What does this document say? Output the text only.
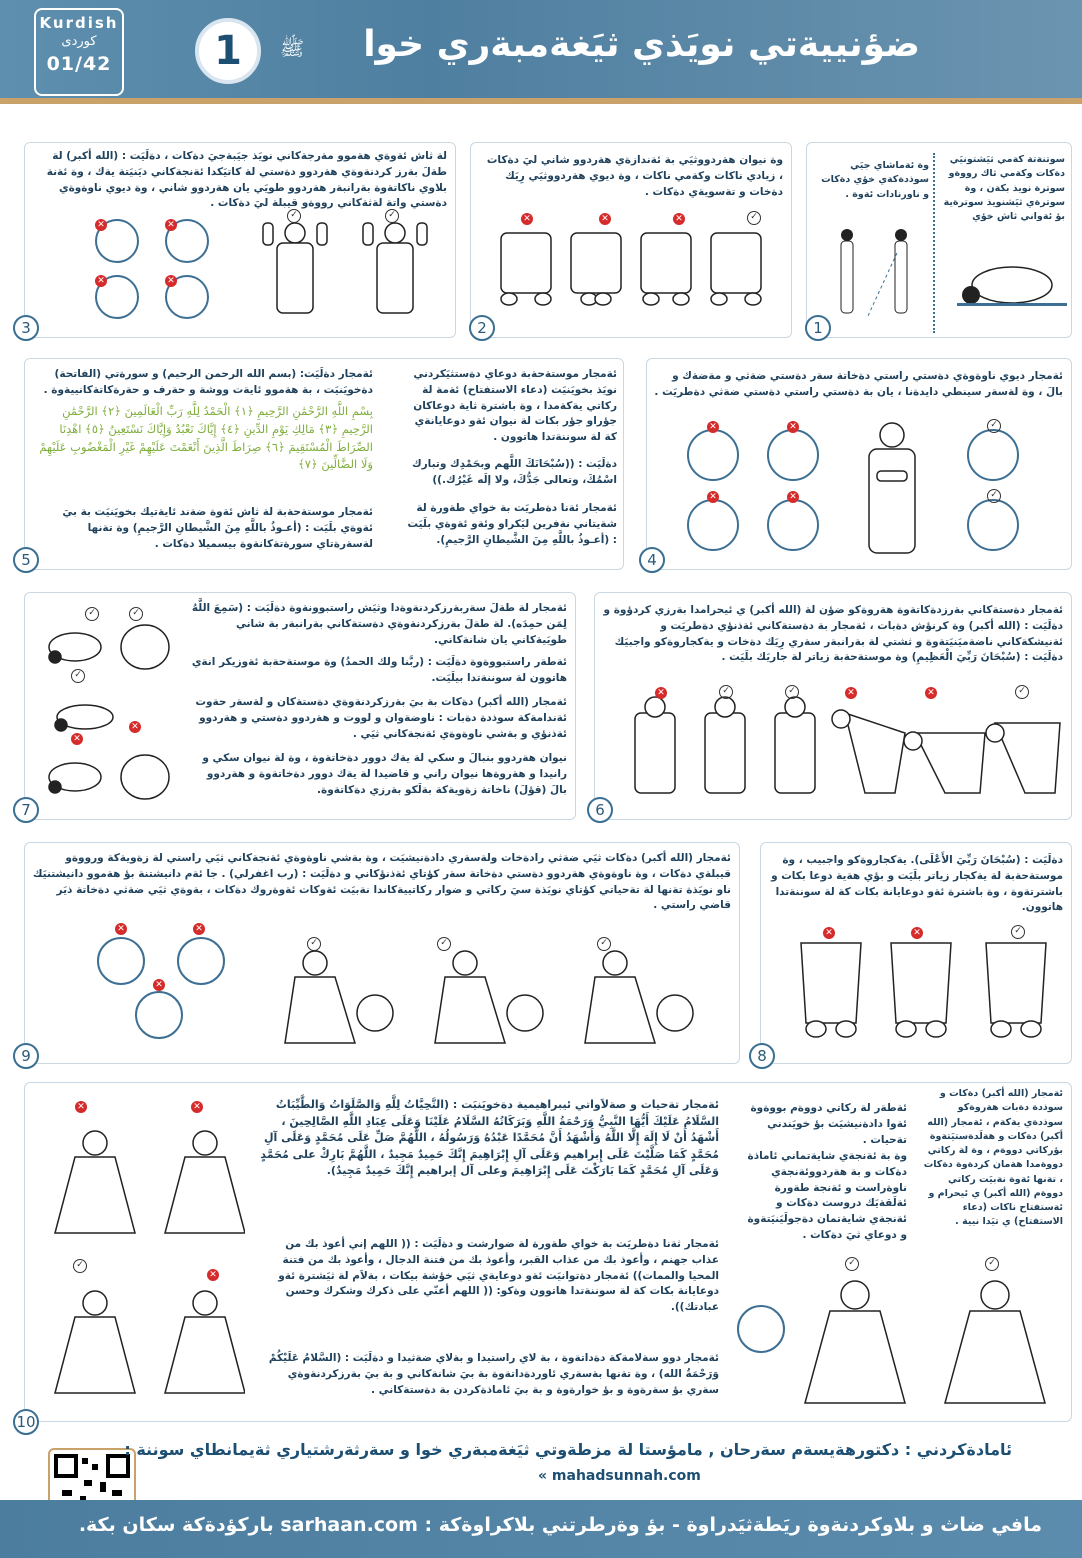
Kurdish
كوردی
01/42	1	ﷺ	ضؤنييةتي نويَذي ثيَغةمبةري خوا
سوتنةتة كةمي ثيَشتونيَي دةكات وكةمي ثاك رووةو سوترة نويذ بكةن ، وة سوترةي ثيَشنويذ سوترةية بؤ ئةواني ثاش خؤي
وة ئةماشاي جيَي سوذدةكةي خؤي دةكات و ناورنادات ئةوة .
1
وة نيوان هةردووثيَي بة ئةندازةي هةردوو شاني ليَ دةكات ، زيادي ناكات وكةمي ناكات ، وة ديوي هةردووثيَي رِيَك دةخات و تةسويةي دةكات .
✕	✕	✕	✓
2
لة ثاش ئةوةي هةموو مةرجةكاني نويَذ جيَبةجيَ دةكات ، دةلَيَت : (الله أكبر) لة طةلَ بةرز كردنةوةي هةردوو دةستي لة كاتيَكدا ئةنجةكاني ديَنيَتة يةك ، وة ئةنة بلاوي ناكاتةوة بةرانبةر هةردوو طويَي يان هةردوو شاني ، وة ديوي ناوةوةي دةستي واتة لةثةكاني رووةو قيبلة ليَ دةكات .
✕	✕
✕	✕
✓	✓
3
ئةمجار ديوي ناوةوةي دةستي راستي دةخاتة سةر دةستي ضةثي و مةضةك و بالَ ، وة لةسةر سينطي دايدةنا ، يان بة دةستي راستي دةستي ضةثي دةطريَت .
✓
✓
✕
✕
✕
✕
4
ئةمجار موستةحةبة دوعاي دةستثيَكردني نويَذ بخويَنيَت (دعاء الاستفتاح) ئةمة لة ركاتي يةكةمدا ، وة باشترة ثاية دوعاكان جؤراو جؤر بكات لة نيوان ئةو دوعايانةي كة لة سوننةتدا هاتوون .
دةلَيَت : ((سُبْحَانَكَ اللَّهم وبحَمْدِك وتبارك اسْمُكَ، وتعالى جَدُّكَ، ولا إلَه غَيْرُك.))
ئةمجار ئةنا دةطريَت بة خواي طةورة لة شةيتاني نةفرين ليَكراو وئةو ئةوةي بلَيَت : (أعـوذُ باللَّهِ مِنَ الشَّيطانِ الرَّجيمِ).
ئةمجار دةلَيَت: (بسم الله الرحمن الرحيم) و سورةتي (الفاتحة) دةخويَنيَت ، بة هةموو ئايةت ووشة و حةرف و حةرةكاتةكانييةوة .
بِسْمِ اللَّهِ الرَّحْمَٰنِ الرَّحِيمِ ﴿١﴾ الْحَمْدُ لِلَّهِ رَبِّ الْعَالَمِينَ ﴿٢﴾ الرَّحْمَٰنِ الرَّحِيمِ ﴿٣﴾ مَالِكِ يَوْمِ الدِّينِ ﴿٤﴾ إِيَّاكَ نَعْبُدُ وَإِيَّاكَ نَسْتَعِينُ ﴿٥﴾ اهْدِنَا الصِّرَاطَ الْمُسْتَقِيمَ ﴿٦﴾ صِرَاطَ الَّذِينَ أَنْعَمْتَ عَلَيْهِمْ غَيْرِ الْمَغْضُوبِ عَلَيْهِمْ وَلَا الضَّالِّينَ ﴿٧﴾
ئةمجار موستةحةبة لة ثاش ئةوة ضةند ئايةتيك بخويَنيَت بة بيَ ئةوةي بلَيَت : (أعـوذُ باللَّهِ مِنَ الشَّيطانِ الرَّجيمِ) وة تةنها لةسةرةتاي سورةتةكانةوة بيسميلا دةكات .
5
ئةمجار دةستةكاني بةرزدةكاتةوة هةروةكو ضؤن لة (الله أكبر) ي ئيحرامدا بةرزي كردؤوة و دةلَيَت : (الله أكبر) وة كرنؤش دةبات ، ئةمجار بة دةستةكاني ئةذنؤي دةطريَت و ئةنيشكةكاني ناضةميَنيَتةوة و ثشتي لة بةرانبةر سةري رِيَك دةخات و يةكجاروةكو واجبيَك دةلَيَت : (سُبْحَانَ رَبِّيَ الْعَظِيمِ) وة موستةحةبة زياتر لة جاريَك بلَيَت .
✕	✓	✓	✕	✕	✓
6
ئةمجار لة طةلَ سةربةرزكردنةوةدا وثيَش راستبوونةوة دةلَيَت : (سَمِعَ اللَّهُ لِمَن حمِدَه). لة طةلَ بةرزكردنةوةي دةستةكاني بةرانبةر بة شاني طويَيةكاني يان شانةكاني.
ئةطةر راستبووةوة دةلَيَت : (ربَّنا ولك الحمدُ) وة موستةحةبة ئةوزيكر انةي هاتوون لة سوننةتدا بيلَيَت.
ئةمجار (الله أكبر) دةكات بة بيَ بةرزكردنةوةي دةستةكان و لةسةر حةوت ئةندامةكة سوذدة دةبات : ناوضةوان و لووت و هةردوو دةستي و هةردوو ئةذنؤي و بةشي ناوةوةي ئةنجةكاني ثيَي .
نيوان هةردوو بنبالَ و سكي لة يةك دوور دةخاتةوة ، وة لة نيوان سكي و رانيدا و هةروةها نيوان راني و قاضيدا لة يةك دوور دةخاتةوة و هةردوو بالَ (قؤلَ) ناخاتة زةويةكة بةلَكو بةرزي دةكاتةوة.
✓	✓
✓
✕
✕
7
دةلَيَت : (سُبْحَانَ رَبِّيَ الأَعْلَى). يةكجاروةكو واجبيب ، وة موستةحةبة لة يةكجار زياتر بلَيَت و بؤي هةية دوعا بكات و باشترتةوة ، وة باشترة ئةو دوعايانة بكات كة لة سوننةتدا هاتوون.
✕	✕	✓
8
ئةمجار (الله أكبر) دةكات ثيَي ضةثي رادةخات ولةسةري دادةنيشيَت ، وة بةشي ناوةوةي ئةنجةكاني ثيَي راستي لة زةويةكة ورووةو قيبلةي دةكات ، وة ناوةوةي هةردوو دةستي دةخاتة سةر كؤتاي ئةذنؤكاني و دةلَيَت : (رب اغفرلي) . جا ئةم دانيشتنة بؤ هةموو دانيشتنيَك ناو نويَذة تةنها لة تةحياتي كؤتاي نويَذة سيَ ركاتي و ضوار ركاتييةكاندا نةبيَت ئةوكات ئةوةروك دةكات ، بةوةي ثيَي ضةثي دةخاتة ذيَر قاضي راستي .
✕	✕
✕
✓	✓	✓
9
ئةمجار (الله أكبر) دةكات و سوذدة دةبات هةروةكو سوذدةي يةكةم ، ئةمجار (الله أكبر) دةكات و هةلَدةستيَتةوة بؤركاتي دووةم ، وة لة ركاتي دووةمدا هةمان كردةوة دةكات ، تةنها ئةوة نةبيَت ركاتي دووةم (الله أكبر) ي ئيحرام و ئةستفتاح ناكات (دعاء الاستفتاح) ي تيَدا نيية .
ئةطةر لة ركاتي دووةم بووةوة ئةوا دادةنيشيَت بؤ خويَندني تةحيات .
وة بة ئةنجةي شايةتماني ئاماذة دةكات و بة هةردووئةنجةي ناوةراست و ئةنجة طةورة ئةلَقةيَك دروست دةكات و ئةنجةي شايةتمان دةجولَيَنيَتةوة و دوعاي ثيَ دةكات .
ئةمجار تةحيات و صةلاَواتي ئيبراهيمية دةخويَنيَت : (التَّحِيَّاتُ لِلَّهِ وَالصَّلَوَاتُ وَالطَّيِّبَاتُ السَّلَامُ عَلَيْكَ أَيُّهَا النَّبِيُّ وَرَحْمَةُ اللَّهِ وَبَرَكَاتُهُ السَّلَامُ عَلَيْنَا وَعَلَى عِبَادِ اللَّهِ الصَّالِحِينَ ، أَشْهَدُ أَنْ لَا إِلَهَ إِلَّا اللَّهُ وَأَشْهَدُ أَنَّ مُحَمَّدًا عَبْدُهُ وَرَسُولُهُ ، اللَّهُمَّ صَلِّ عَلَى مُحَمَّدٍ وَعَلَى آلِ مُحَمَّدٍ كَمَا صَلَّيْتَ عَلَى إِبراهيم وَعَلَى آلِ إِبْرَاهِيمَ إِنَّكَ حَمِيدٌ مَجِيدٌ ، اللَّهُمَّ بَارِكْ على مُحَمَّدٍ وَعَلَى آلِ مُحَمَّدٍ كَمَا بَارَكْتَ عَلَى إِبْرَاهِيمَ وعلى آل إبراهيم إِنَّكَ حَمِيدٌ مَجِيدٌ).
ئةمجار ثةنا دةطريَت بة خواي طةورة لة ضوارشت و دةلَيَت : (( اللهم إني أعوذ بك من عذاب جهنم ، وأعوذ بك من عذاب القبر، وأعوذ بك من فتنة الدجال ، وأعوذ بك من فتنة المحيا والممات)) ئةمجار دةتوانيَت ئةو دوعايةي ثيَي خؤشة بيكات ، بةلاَم لة ثيَشترة ئةو دوعايانة بكات كة لة سوننةتدا هاتوون وةكو: (( اللهم أعنّي على ذكرك وشكرك وحسن عبادتك)).
ئةمجار دوو سةلامةكة دةداتةوة ، بة لاي راستيدا و بةلاي ضةثيدا و دةلَيَت : (السَّلامُ عَلَيْكُمْ وَرَحْمَةُ الله) ، وة تةنها بةسةري ئاوردةداتةوة بة بيَ شانةكاني و بة بيَ بةرزكردنةوةي سةري بؤ سةرةوة و بؤ خوارةوة و بة بيَ ئاماذةكردن بة دةستةكاني .
✓	✓
✕	✕
✓
✕
10
ئامادةكردني : دكتورهةيسةم سةرحان , مامؤستا لة مزطةوتي ثيَغةمبةري خوا و سةرثةرشتياري ثةيمانطاي سوننة :
« mahadsunnah.com
مافي ضاث و بلاوكردنةوة ريَطةثيَدراوة - بؤ وةرطرتني بلاكراوةكة : sarhaan.com باركؤدةكة سكان بكة.
